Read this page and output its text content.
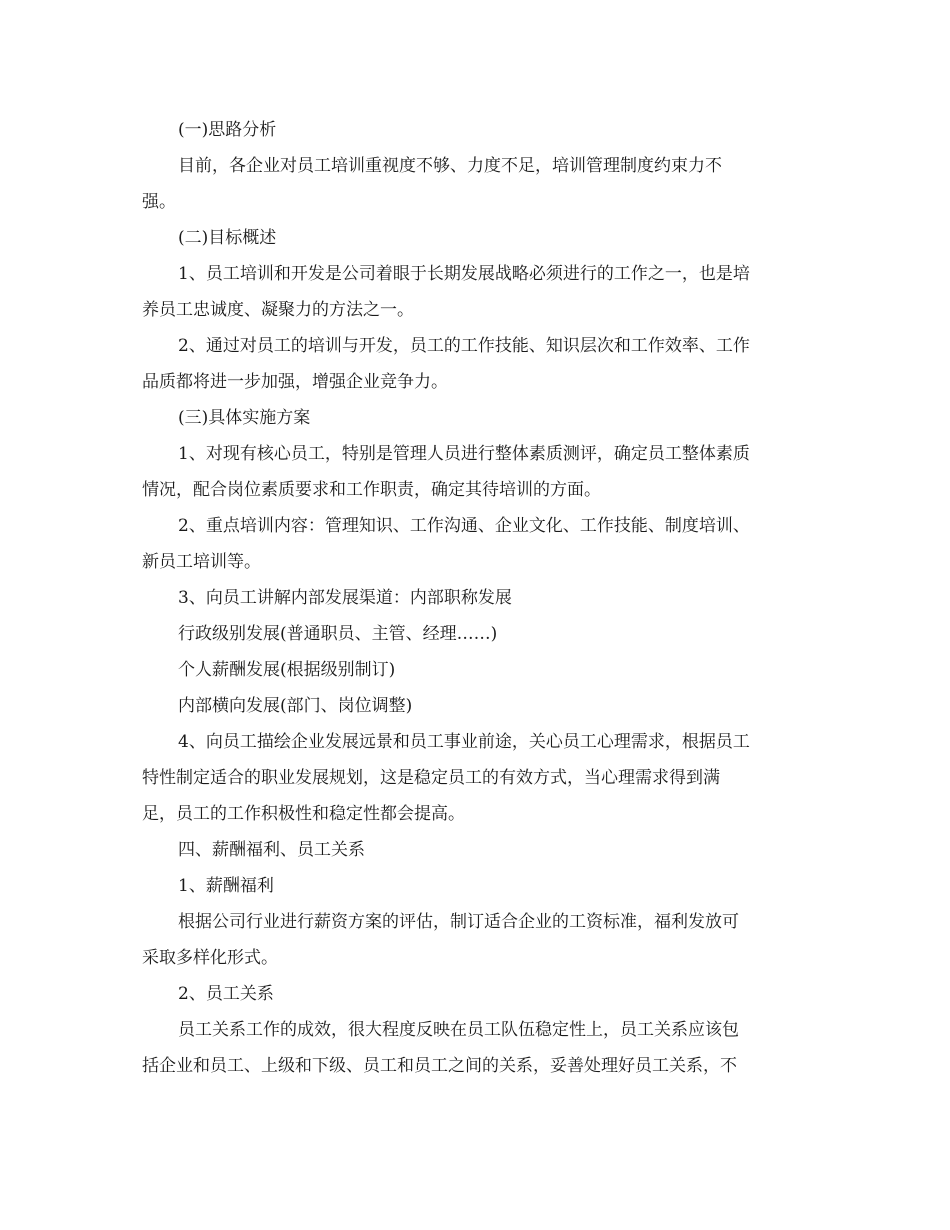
(一)思路分析

目前，各企业对员工培训重视度不够、力度不足，培训管理制度约束力不
强。

(二)目标概述

1、员工培训和开发是公司着眼于长期发展战略必须进行的工作之一，也是培
养员工忠诚度、凝聚力的方法之一。

2、通过对员工的培训与开发，员工的工作技能、知识层次和工作效率、工作
品质都将进一步加强，增强企业竞争力。

(三)具体实施方案

1、对现有核心员工，特别是管理人员进行整体素质测评，确定员工整体素质
情况，配合岗位素质要求和工作职责，确定其待培训的方面。

2、重点培训内容：管理知识、工作沟通、企业文化、工作技能、制度培训、
新员工培训等。

3、向员工讲解内部发展渠道：内部职称发展

行政级别发展(普通职员、主管、经理……)

个人薪酬发展(根据级别制订)

内部横向发展(部门、岗位调整)

4、向员工描绘企业发展远景和员工事业前途，关心员工心理需求，根据员工
特性制定适合的职业发展规划，这是稳定员工的有效方式，当心理需求得到满
足，员工的工作积极性和稳定性都会提高。

四、薪酬福利、员工关系

1、薪酬福利

根据公司行业进行薪资方案的评估，制订适合企业的工资标准，福利发放可
采取多样化形式。

2、员工关系

员工关系工作的成效，很大程度反映在员工队伍稳定性上，员工关系应该包
括企业和员工、上级和下级、员工和员工之间的关系，妥善处理好员工关系，不
